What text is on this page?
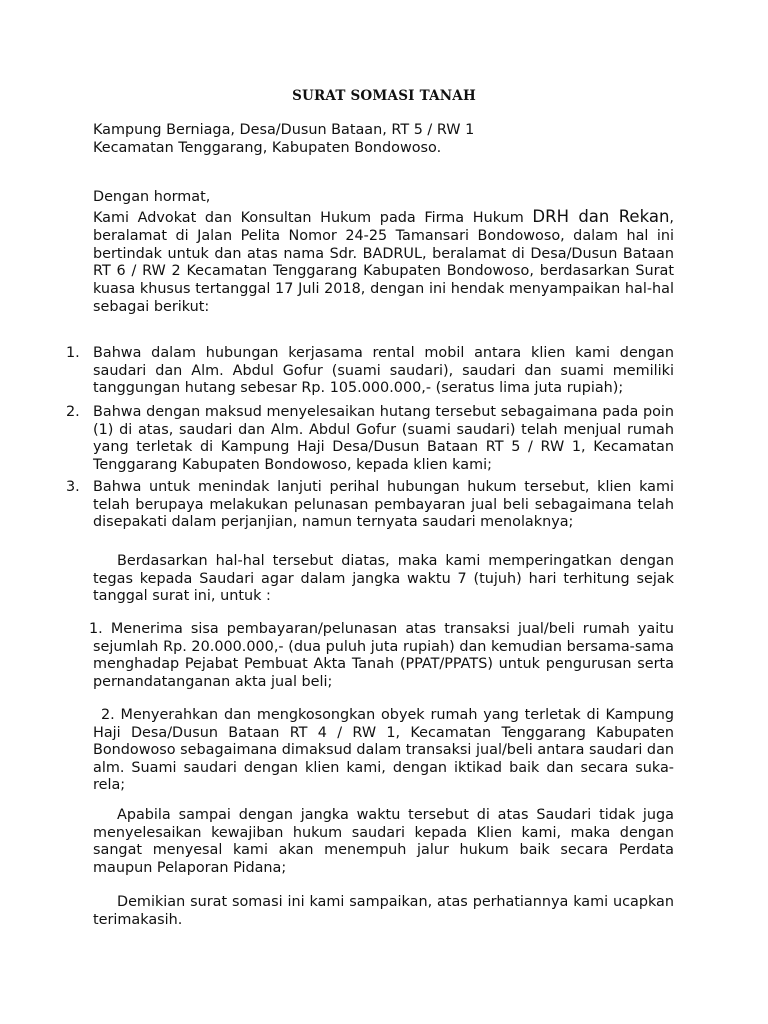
SURAT SOMASI TANAH
Kampung Berniaga, Desa/Dusun Bataan, RT 5 / RW 1
Kecamatan Tenggarang, Kabupaten Bondowoso.
Dengan hormat,
Kami Advokat dan Konsultan Hukum pada Firma Hukum DRH dan Rekan, beralamat di Jalan Pelita Nomor 24-25 Tamansari Bondowoso, dalam hal ini bertindak untuk dan atas nama Sdr. BADRUL, beralamat di Desa/Dusun Bataan RT 6 / RW 2 Kecamatan Tenggarang Kabupaten Bondowoso, berdasarkan Surat kuasa khusus tertanggal 17 Juli 2018, dengan ini hendak menyampaikan hal-hal sebagai berikut:
1. Bahwa dalam hubungan kerjasama rental mobil antara klien kami dengan saudari dan Alm. Abdul Gofur (suami saudari), saudari dan suami memiliki tanggungan hutang sebesar Rp. 105.000.000,- (seratus lima juta rupiah);
2. Bahwa dengan maksud menyelesaikan hutang tersebut sebagaimana pada poin (1) di atas, saudari dan Alm. Abdul Gofur (suami saudari) telah menjual rumah yang terletak di Kampung Haji Desa/Dusun Bataan RT 5 / RW 1, Kecamatan Tenggarang Kabupaten Bondowoso, kepada klien kami;
3. Bahwa untuk menindak lanjuti perihal hubungan hukum tersebut, klien kami telah berupaya melakukan pelunasan pembayaran jual beli sebagaimana telah disepakati dalam perjanjian, namun ternyata saudari menolaknya;
Berdasarkan hal-hal tersebut diatas, maka kami memperingatkan dengan tegas kepada Saudari agar dalam jangka waktu 7 (tujuh) hari terhitung sejak tanggal surat ini, untuk :
1. Menerima sisa pembayaran/pelunasan atas transaksi jual/beli rumah yaitu sejumlah Rp. 20.000.000,- (dua puluh juta rupiah) dan kemudian bersama-sama menghadap Pejabat Pembuat Akta Tanah (PPAT/PPATS) untuk pengurusan serta pernandatanganan akta jual beli;
2. Menyerahkan dan mengkosongkan obyek rumah yang terletak di Kampung Haji Desa/Dusun Bataan RT 4 / RW 1, Kecamatan Tenggarang Kabupaten Bondowoso sebagaimana dimaksud dalam transaksi jual/beli antara saudari dan alm. Suami saudari dengan klien kami, dengan iktikad baik dan secara suka-rela;
Apabila sampai dengan jangka waktu tersebut di atas Saudari tidak juga menyelesaikan kewajiban hukum saudari kepada Klien kami, maka dengan sangat menyesal kami akan menempuh jalur hukum baik secara Perdata maupun Pelaporan Pidana;
Demikian surat somasi ini kami sampaikan, atas perhatiannya kami ucapkan terimakasih.
